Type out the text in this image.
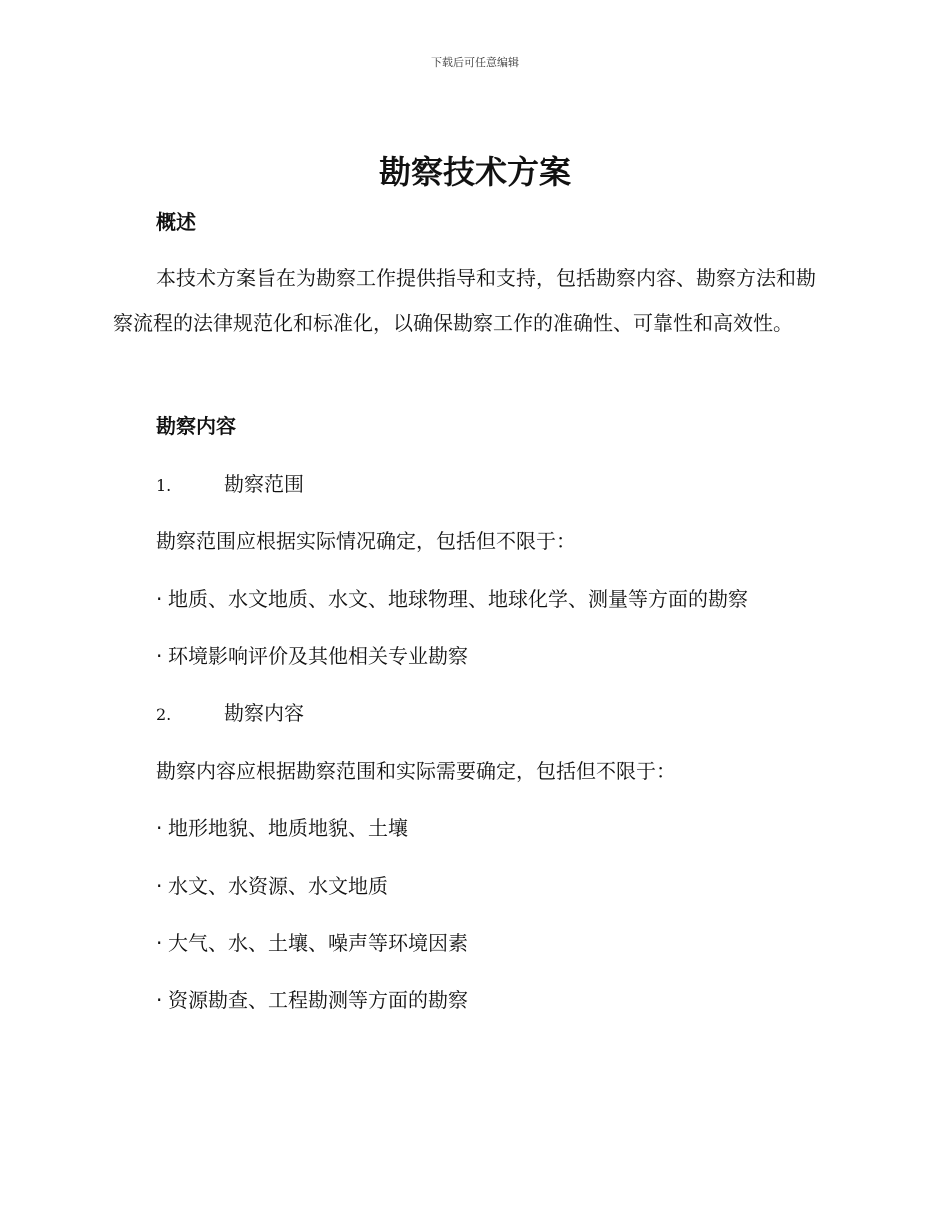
下载后可任意编辑
勘察技术方案
概述

本技术方案旨在为勘察工作提供指导和支持，包括勘察内容、勘察方法和勘察流程的法律规范化和标准化，以确保勘察工作的准确性、可靠性和高效性。

勘察内容
1.	勘察范围

勘察范围应根据实际情况确定，包括但不限于：

· 地质、水文地质、水文、地球物理、地球化学、测量等方面的勘察
· 环境影响评价及其他相关专业勘察
2.	勘察内容

勘察内容应根据勘察范围和实际需要确定，包括但不限于：

· 地形地貌、地质地貌、土壤
· 水文、水资源、水文地质
· 大气、水、土壤、噪声等环境因素
· 资源勘查、工程勘测等方面的勘察
